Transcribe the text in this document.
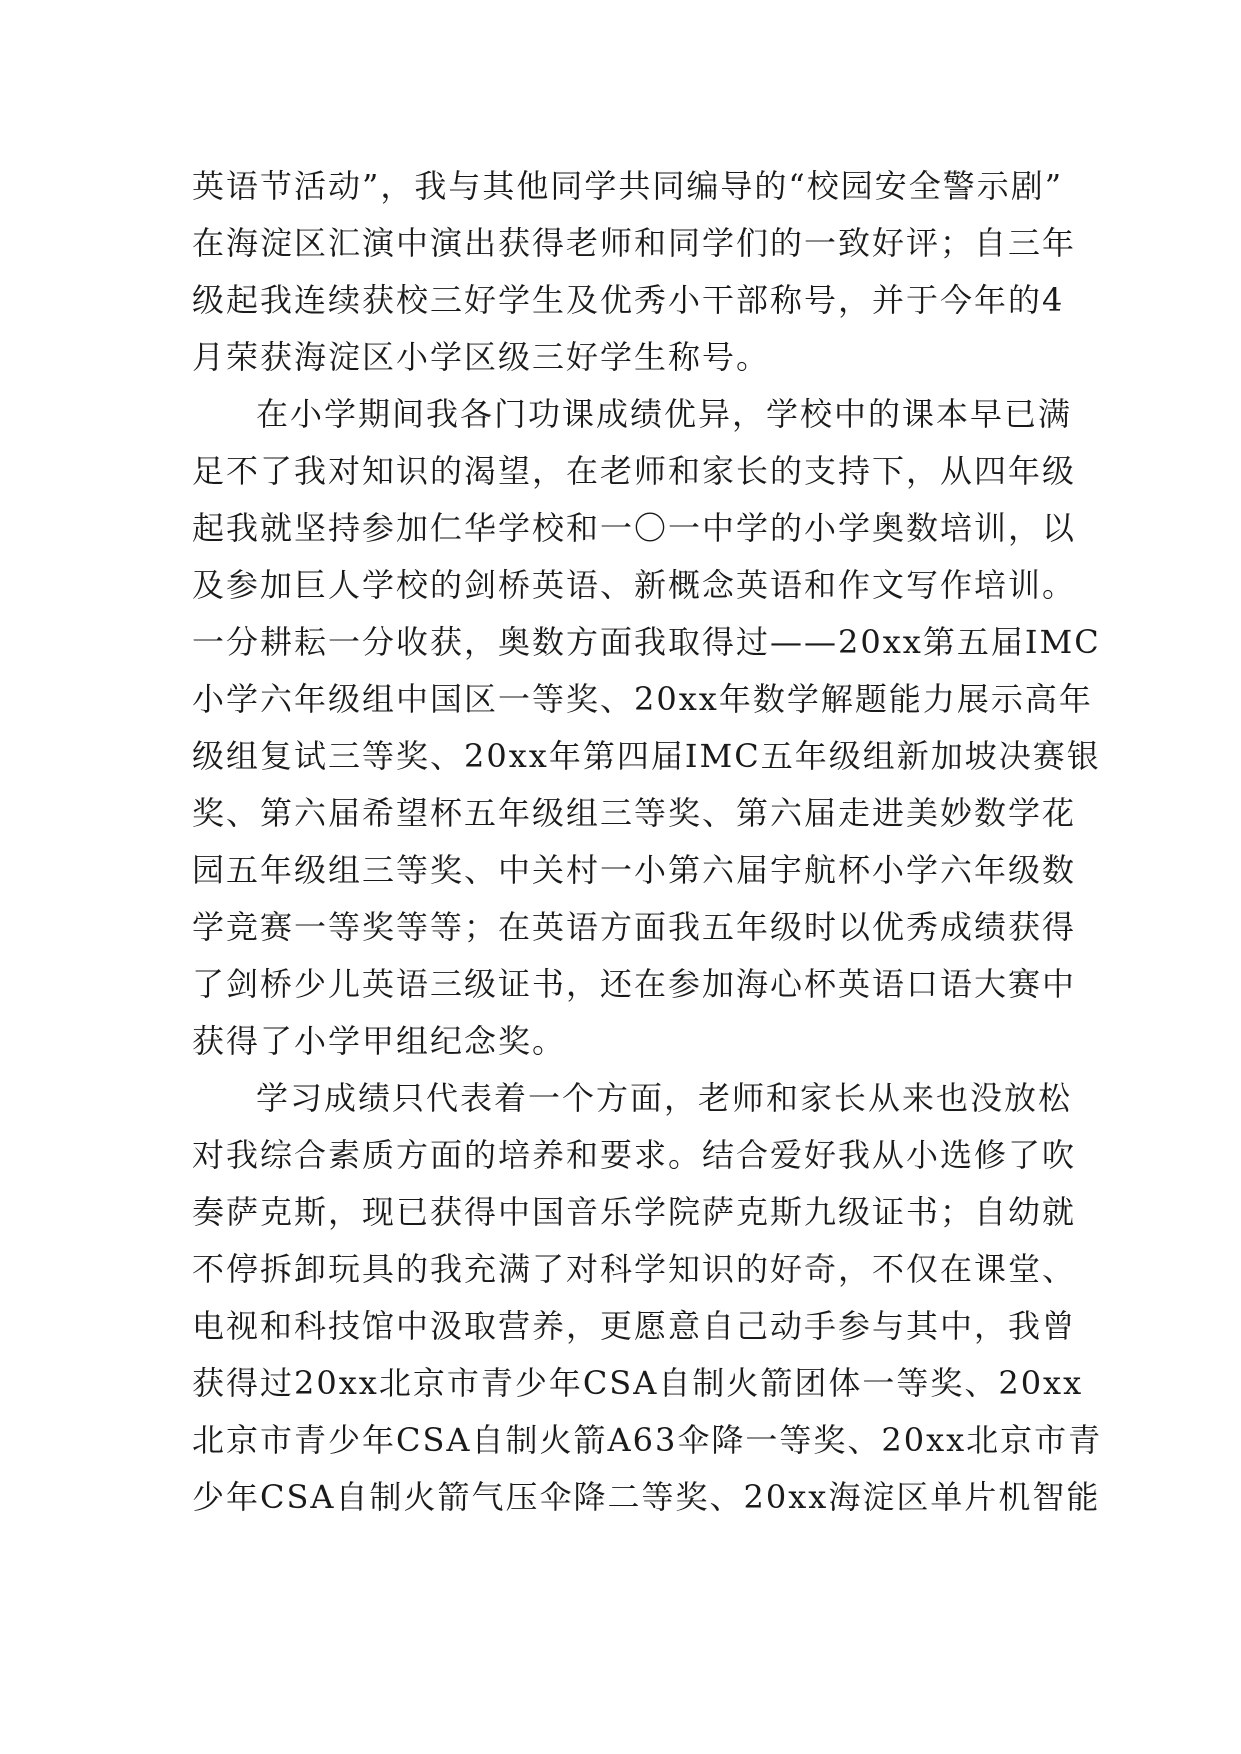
英语节活动”，我与其他同学共同编导的“校园安全警示剧”
在海淀区汇演中演出获得老师和同学们的一致好评；自三年
级起我连续获校三好学生及优秀小干部称号，并于今年的4
月荣获海淀区小学区级三好学生称号。
在小学期间我各门功课成绩优异，学校中的课本早已满
足不了我对知识的渴望，在老师和家长的支持下，从四年级
起我就坚持参加仁华学校和一〇一中学的小学奥数培训，以
及参加巨人学校的剑桥英语、新概念英语和作文写作培训。
一分耕耘一分收获，奥数方面我取得过——20xx第五届IMC
小学六年级组中国区一等奖、20xx年数学解题能力展示高年
级组复试三等奖、20xx年第四届IMC五年级组新加坡决赛银
奖、第六届希望杯五年级组三等奖、第六届走进美妙数学花
园五年级组三等奖、中关村一小第六届宇航杯小学六年级数
学竞赛一等奖等等；在英语方面我五年级时以优秀成绩获得
了剑桥少儿英语三级证书，还在参加海心杯英语口语大赛中
获得了小学甲组纪念奖。
学习成绩只代表着一个方面，老师和家长从来也没放松
对我综合素质方面的培养和要求。结合爱好我从小选修了吹
奏萨克斯，现已获得中国音乐学院萨克斯九级证书；自幼就
不停拆卸玩具的我充满了对科学知识的好奇，不仅在课堂、
电视和科技馆中汲取营养，更愿意自己动手参与其中，我曾
获得过20xx北京市青少年CSA自制火箭团体一等奖、20xx
北京市青少年CSA自制火箭A63伞降一等奖、20xx北京市青
少年CSA自制火箭气压伞降二等奖、20xx海淀区单片机智能
